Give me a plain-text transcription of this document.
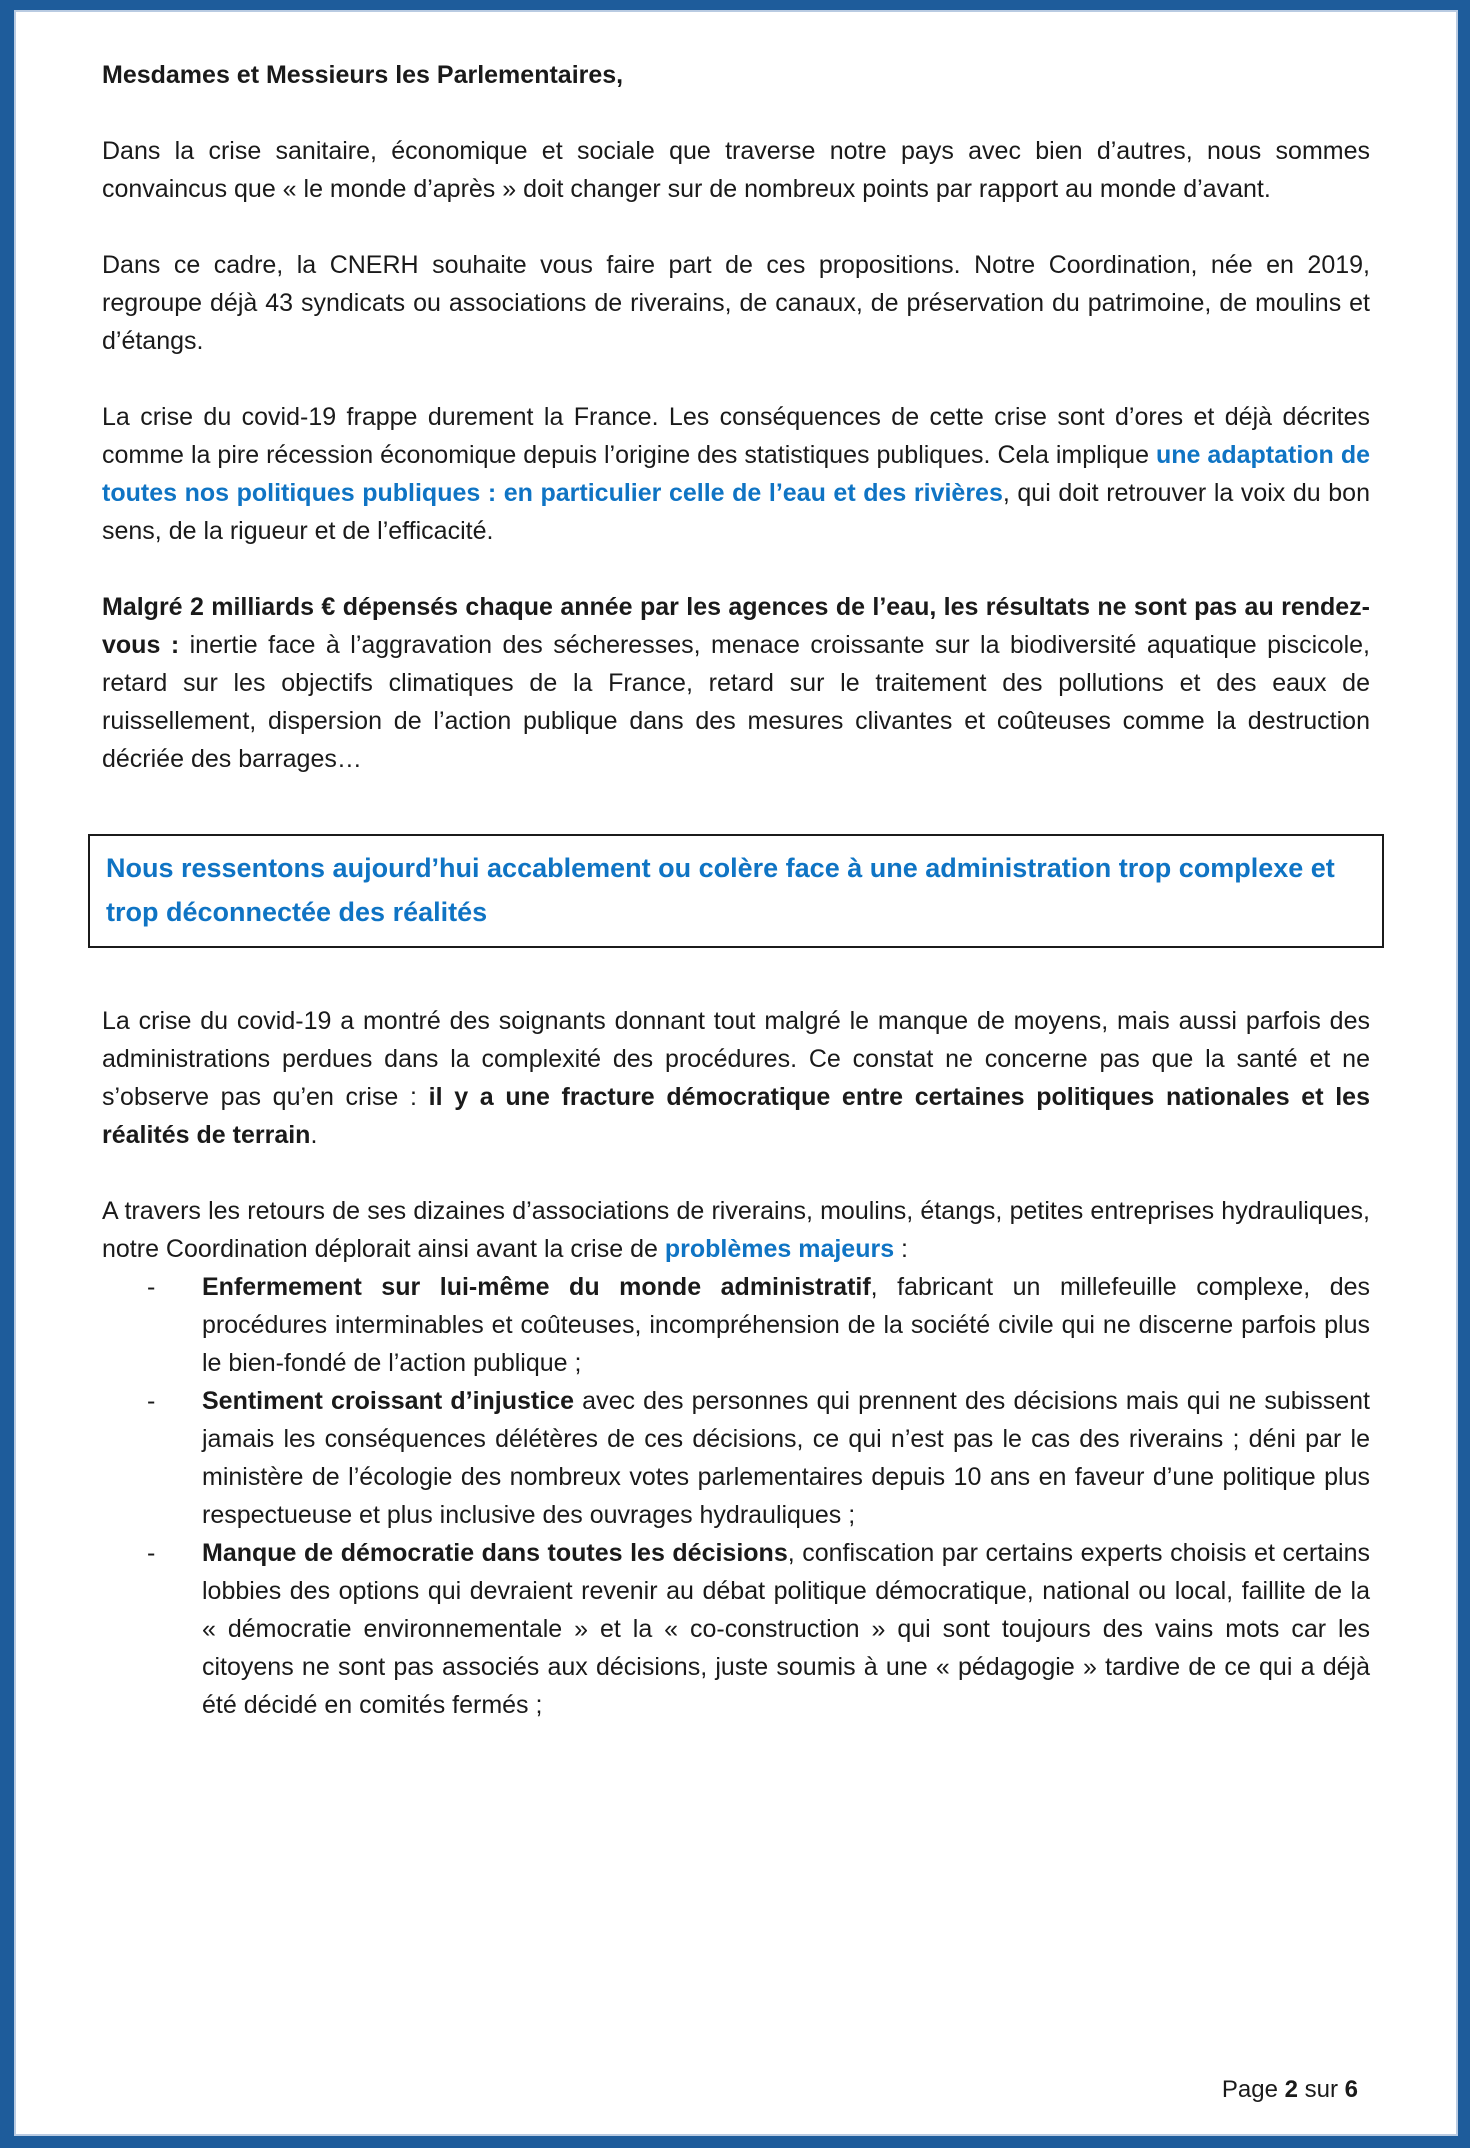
Mesdames et Messieurs les Parlementaires,

Dans la crise sanitaire, économique et sociale que traverse notre pays avec bien d’autres, nous sommes convaincus que « le monde d’après » doit changer sur de nombreux points par rapport au monde d’avant.

Dans ce cadre, la CNERH souhaite vous faire part de ces propositions. Notre Coordination, née en 2019, regroupe déjà 43 syndicats ou associations de riverains, de canaux, de préservation du patrimoine, de moulins et d’étangs.

La crise du covid-19 frappe durement la France. Les conséquences de cette crise sont d’ores et déjà décrites comme la pire récession économique depuis l’origine des statistiques publiques. Cela implique une adaptation de toutes nos politiques publiques : en particulier celle de l’eau et des rivières, qui doit retrouver la voix du bon sens, de la rigueur et de l’efficacité.

Malgré 2 milliards € dépensés chaque année par les agences de l’eau, les résultats ne sont pas au rendez-vous : inertie face à l’aggravation des sécheresses, menace croissante sur la biodiversité aquatique piscicole, retard sur les objectifs climatiques de la France, retard sur le traitement des pollutions et des eaux de ruissellement, dispersion de l’action publique dans des mesures clivantes et coûteuses comme la destruction décriée des barrages…

Nous ressentons aujourd’hui accablement ou colère face à une administration trop complexe et trop déconnectée des réalités

La crise du covid-19 a montré des soignants donnant tout malgré le manque de moyens, mais aussi parfois des administrations perdues dans la complexité des procédures. Ce constat ne concerne pas que la santé et ne s’observe pas qu’en crise : il y a une fracture démocratique entre certaines politiques nationales et les réalités de terrain.

A travers les retours de ses dizaines d’associations de riverains, moulins, étangs, petites entreprises hydrauliques, notre Coordination déplorait ainsi avant la crise de problèmes majeurs :

-	Enfermement sur lui-même du monde administratif, fabricant un millefeuille complexe, des procédures interminables et coûteuses, incompréhension de la société civile qui ne discerne parfois plus le bien-fondé de l’action publique ;
-	Sentiment croissant d’injustice avec des personnes qui prennent des décisions mais qui ne subissent jamais les conséquences délétères de ces décisions, ce qui n’est pas le cas des riverains ; déni par le ministère de l’écologie des nombreux votes parlementaires depuis 10 ans en faveur d’une politique plus respectueuse et plus inclusive des ouvrages hydrauliques ;
-	Manque de démocratie dans toutes les décisions, confiscation par certains experts choisis et certains lobbies des options qui devraient revenir au débat politique démocratique, national ou local, faillite de la « démocratie environnementale » et la « co-construction » qui sont toujours des vains mots car les citoyens ne sont pas associés aux décisions, juste soumis à une « pédagogie » tardive de ce qui a déjà été décidé en comités fermés ;
Page 2 sur 6
